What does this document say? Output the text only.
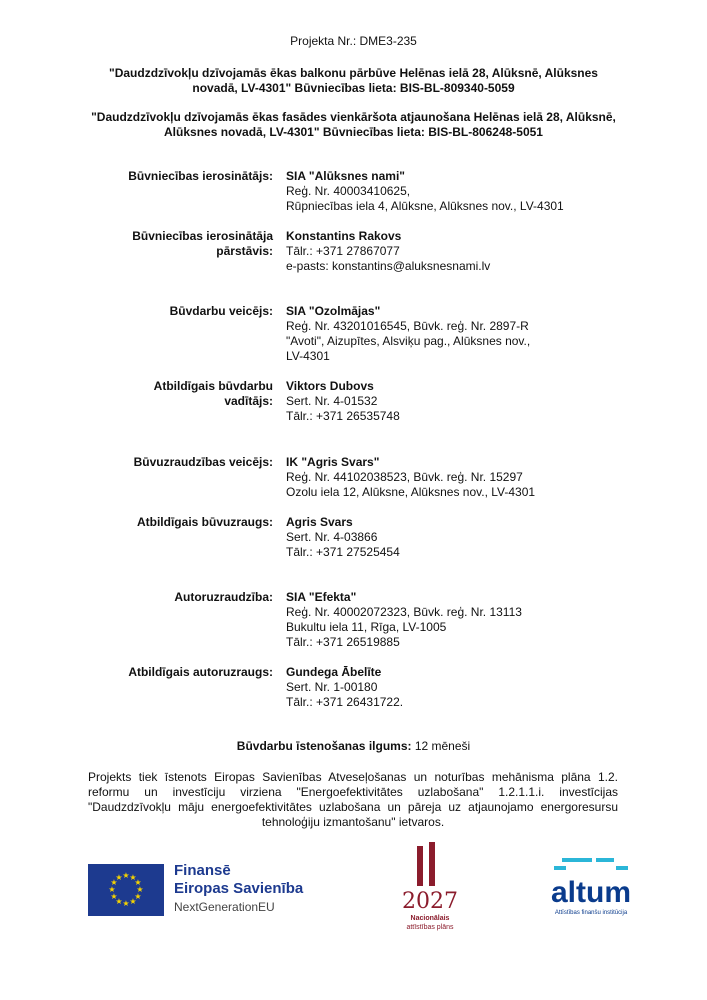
Projekta Nr.: DME3-235
"Daudzdzīvokļu dzīvojamās ēkas balkonu pārbūve Helēnas ielā 28, Alūksnē, Alūksnes
novadā, LV-4301" Būvniecības lieta: BIS-BL-809340-5059
"Daudzdzīvokļu dzīvojamās ēkas fasādes vienkāršota atjaunošana Helēnas ielā 28, Alūksnē,
Alūksnes novadā, LV-4301" Būvniecības lieta: BIS-BL-806248-5051
Būvniecības ierosinātājs: SIA "Alūksnes nami"
Reģ. Nr. 40003410625,
Rūpniecības iela 4, Alūksne, Alūksnes nov., LV-4301
Būvniecības ierosinātāja
pārstāvis:
Konstantins Rakovs
Tālr.: +371 27867077
e-pasts: konstantins@aluksnesnami.lv
Būvdarbu veicējs: SIA "Ozolmājas"
Reģ. Nr. 43201016545, Būvk. reģ. Nr. 2897-R
"Avoti", Aizupītes, Alsviķu pag., Alūksnes nov.,
LV-4301
Atbildīgais būvdarbu
vadītājs:
Viktors Dubovs
Sert. Nr. 4-01532
Tālr.: +371 26535748
Būvuzraudzības veicējs: IK "Agris Svars"
Reģ. Nr. 44102038523, Būvk. reģ. Nr. 15297
Ozolu iela 12, Alūksne, Alūksnes nov., LV-4301
Atbildīgais būvuzraugs: Agris Svars
Sert. Nr. 4-03866
Tālr.: +371 27525454
Autoruzraudzība: SIA "Efekta"
Reģ. Nr. 40002072323, Būvk. reģ. Nr. 13113
Bukultu iela 11, Rīga, LV-1005
Tālr.: +371 26519885
Atbildīgais autoruzraugs: Gundega Ābelīte
Sert. Nr. 1-00180
Tālr.: +371 26431722.
Būvdarbu īstenošanas ilgums: 12 mēneši
Projekts tiek īstenots Eiropas Savienības Atveseļošanas un noturības mehānisma plāna 1.2. reformu un investīciju virziena "Energoefektivitātes uzlabošana" 1.2.1.1.i. investīcijas "Daudzdzīvokļu māju energoefektivitātes uzlabošana un pāreja uz atjaunojamo energoresursu tehnoloģiju izmantošanu" ietvaros.
★ ★
★
★
★
★
★
★
★
★
★
★	Finansē
Eiropas Savienība
NextGenerationEU	2027
Nacionālais
attīstības plāns
altum
Attīstības finanšu institūcija
